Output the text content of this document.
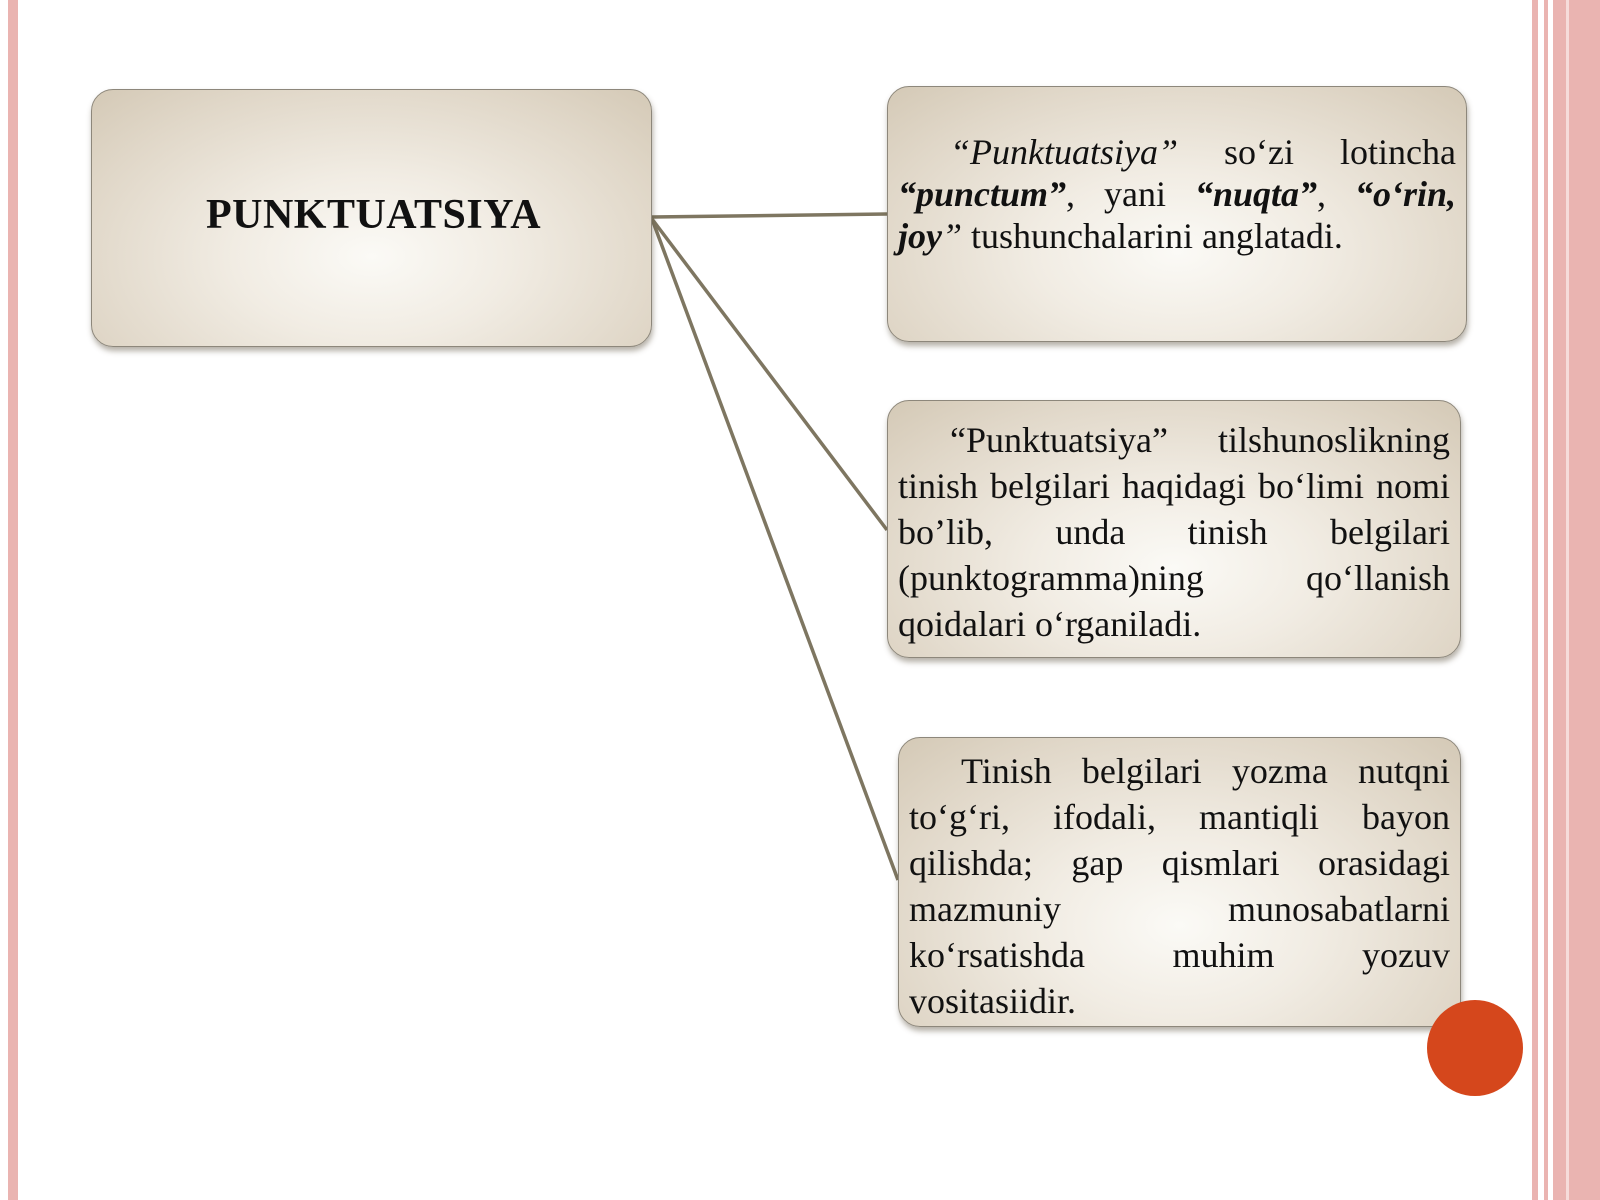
PUNKTUATSIYA

“Punktuatsiya” so‘zi lotincha “punctum”, yani “nuqta”, “o‘rin, joy” tushunchalarini anglatadi.

“Punktuatsiya” tilshunoslikning tinish belgilari haqidagi bo‘limi nomi bo’lib, unda tinish belgilari (punktogramma)ning qo‘llanish qoidalari o‘rganiladi.

Tinish belgilari yozma nutqni to‘g‘ri, ifodali, mantiqli bayon qilishda; gap qismlari orasidagi mazmuniy munosabatlarni ko‘rsatishda muhim yozuv vositasiidir.
